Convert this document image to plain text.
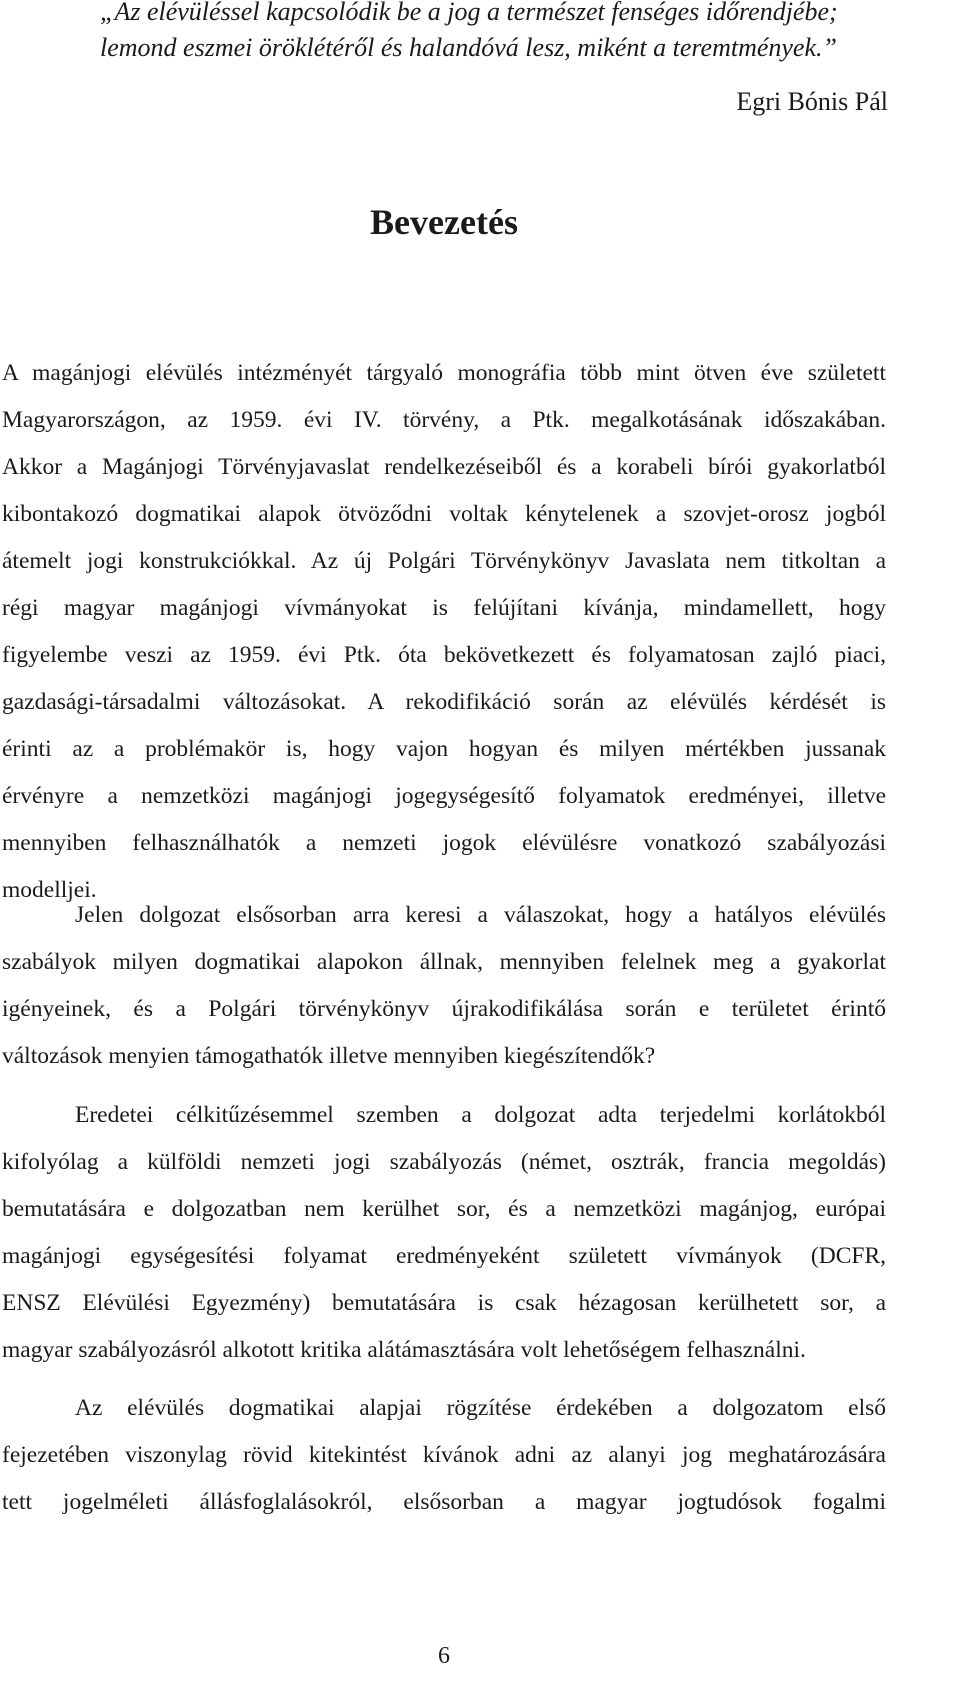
„Az elévüléssel kapcsolódik be a jog a természet fenséges időrendjébe;
lemond eszmei öröklétéről és halandóvá lesz, miként a teremtmények.”
Egri Bónis Pál
Bevezetés
A magánjogi elévülés intézményét tárgyaló monográfia több mint ötven éve született
Magyarországon, az 1959. évi IV. törvény, a Ptk. megalkotásának időszakában.
Akkor a Magánjogi Törvényjavaslat rendelkezéseiből és a korabeli bírói gyakorlatból
kibontakozó dogmatikai alapok ötvöződni voltak kénytelenek a szovjet-orosz jogból
átemelt jogi konstrukciókkal. Az új Polgári Törvénykönyv Javaslata nem titkoltan a
régi magyar magánjogi vívmányokat is felújítani kívánja, mindamellett, hogy
figyelembe veszi az 1959. évi Ptk. óta bekövetkezett és folyamatosan zajló piaci,
gazdasági-társadalmi változásokat. A rekodifikáció során az elévülés kérdését is
érinti az a problémakör is, hogy vajon hogyan és milyen mértékben jussanak
érvényre a nemzetközi magánjogi jogegységesítő folyamatok eredményei, illetve
mennyiben felhasználhatók a nemzeti jogok elévülésre vonatkozó szabályozási
modelljei.
Jelen dolgozat elsősorban arra keresi a válaszokat, hogy a hatályos elévülés
szabályok milyen dogmatikai alapokon állnak, mennyiben felelnek meg a gyakorlat
igényeinek, és a Polgári törvénykönyv újrakodifikálása során e területet érintő
változások menyien támogathatók illetve mennyiben kiegészítendők?
Eredetei célkitűzésemmel szemben a dolgozat adta terjedelmi korlátokból
kifolyólag a külföldi nemzeti jogi szabályozás (német, osztrák, francia megoldás)
bemutatására e dolgozatban nem kerülhet sor, és a nemzetközi magánjog, európai
magánjogi egységesítési folyamat eredményeként született vívmányok (DCFR,
ENSZ Elévülési Egyezmény) bemutatására is csak hézagosan kerülhetett sor, a
magyar szabályozásról alkotott kritika alátámasztására volt lehetőségem felhasználni.
Az elévülés dogmatikai alapjai rögzítése érdekében a dolgozatom első
fejezetében viszonylag rövid kitekintést kívánok adni az alanyi jog meghatározására
tett jogelméleti állásfoglalásokról, elsősorban a magyar jogtudósok fogalmi
6
